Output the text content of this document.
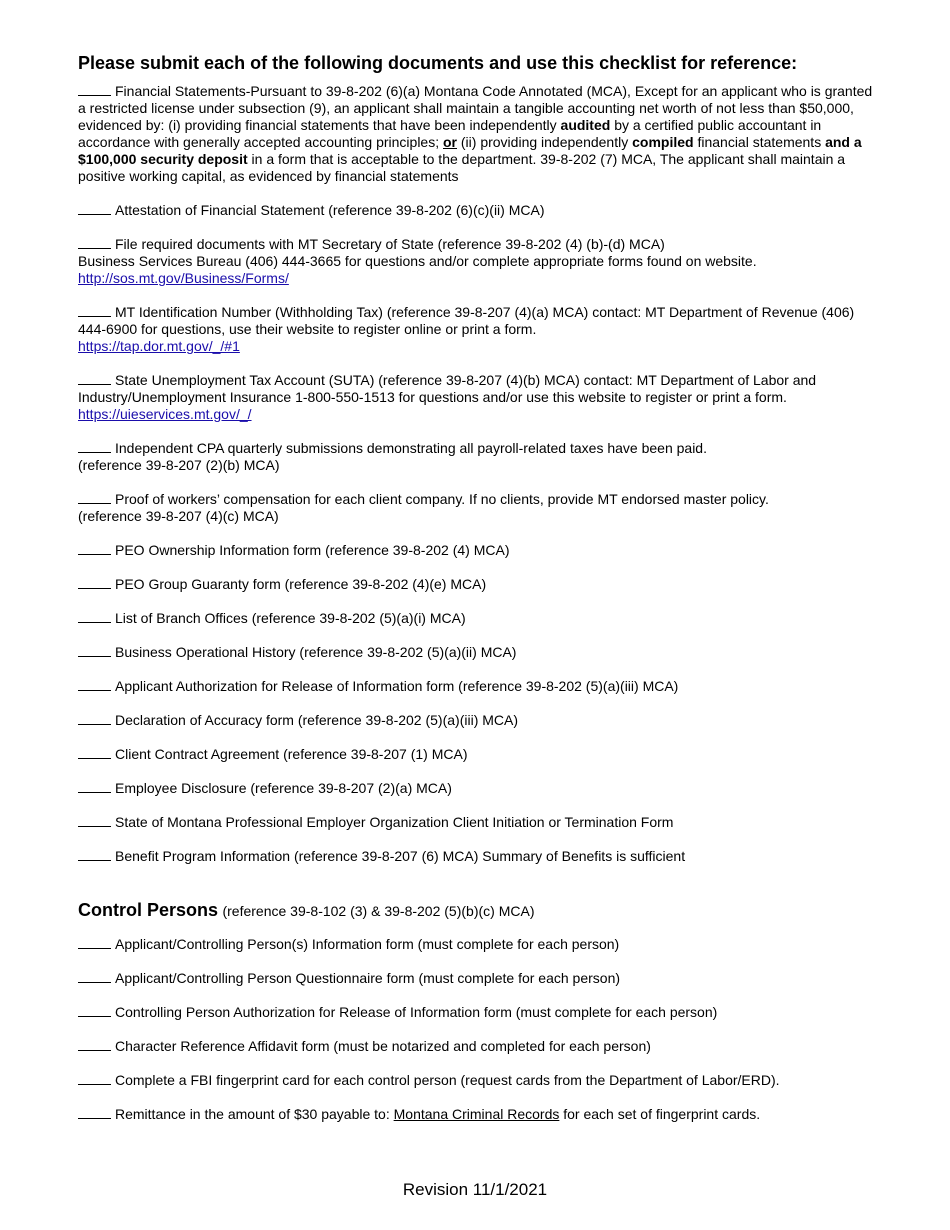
Please submit each of the following documents and use this checklist for reference:

Financial Statements-Pursuant to 39-8-202 (6)(a) Montana Code Annotated (MCA), Except for an applicant who is granted a restricted license under subsection (9), an applicant shall maintain a tangible accounting net worth of not less than $50,000, evidenced by: (i) providing financial statements that have been independently audited by a certified public accountant in accordance with generally accepted accounting principles; or (ii) providing independently compiled financial statements and a $100,000 security deposit in a form that is acceptable to the department. 39-8-202 (7) MCA, The applicant shall maintain a positive working capital, as evidenced by financial statements

Attestation of Financial Statement (reference 39-8-202 (6)(c)(ii) MCA)

File required documents with MT Secretary of State (reference 39-8-202 (4) (b)-(d) MCA)
Business Services Bureau (406) 444-3665 for questions and/or complete appropriate forms found on website.
http://sos.mt.gov/Business/Forms/

MT Identification Number (Withholding Tax) (reference 39-8-207 (4)(a) MCA) contact: MT Department of Revenue (406) 444-6900 for questions, use their website to register online or print a form.
https://tap.dor.mt.gov/_/#1

State Unemployment Tax Account (SUTA) (reference 39-8-207 (4)(b) MCA) contact: MT Department of Labor and Industry/Unemployment Insurance 1-800-550-1513 for questions and/or use this website to register or print a form.
https://uieservices.mt.gov/_/

Independent CPA quarterly submissions demonstrating all payroll-related taxes have been paid.
(reference 39-8-207 (2)(b) MCA)

Proof of workers’ compensation for each client company. If no clients, provide MT endorsed master policy.
(reference 39-8-207 (4)(c) MCA)

PEO Ownership Information form (reference 39-8-202 (4) MCA)

PEO Group Guaranty form (reference 39-8-202 (4)(e) MCA)

List of Branch Offices (reference 39-8-202 (5)(a)(i) MCA)

Business Operational History (reference 39-8-202 (5)(a)(ii) MCA)

Applicant Authorization for Release of Information form (reference 39-8-202 (5)(a)(iii) MCA)

Declaration of Accuracy form (reference 39-8-202 (5)(a)(iii) MCA)

Client Contract Agreement (reference 39-8-207 (1) MCA)

Employee Disclosure (reference 39-8-207 (2)(a) MCA)

State of Montana Professional Employer Organization Client Initiation or Termination Form

Benefit Program Information (reference 39-8-207 (6) MCA) Summary of Benefits is sufficient

Control Persons (reference 39-8-102 (3) & 39-8-202 (5)(b)(c) MCA)

Applicant/Controlling Person(s) Information form (must complete for each person)

Applicant/Controlling Person Questionnaire form (must complete for each person)

Controlling Person Authorization for Release of Information form (must complete for each person)

Character Reference Affidavit form (must be notarized and completed for each person)

Complete a FBI fingerprint card for each control person (request cards from the Department of Labor/ERD).

Remittance in the amount of $30 payable to: Montana Criminal Records for each set of fingerprint cards.

Revision 11/1/2021
